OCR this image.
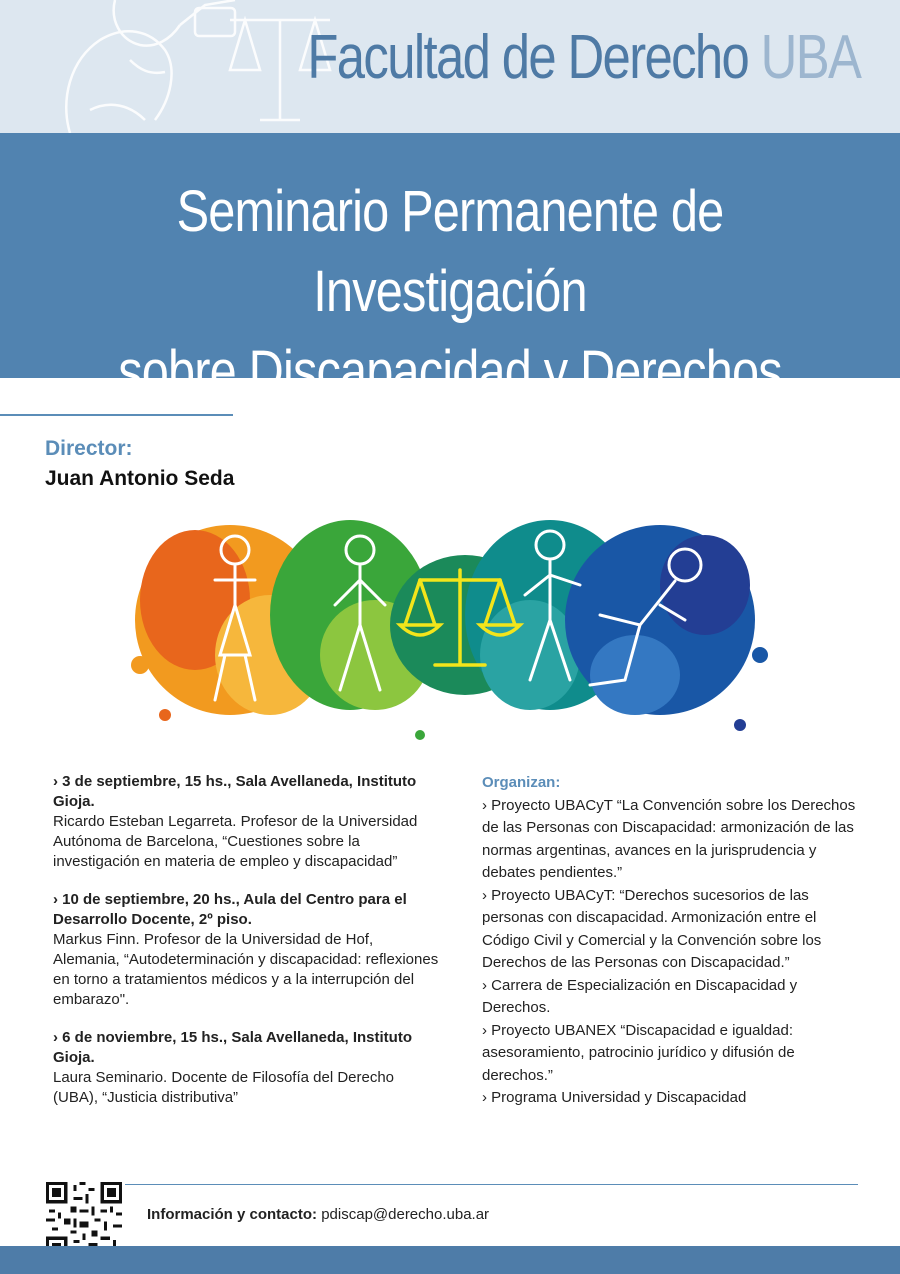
Facultad de Derecho UBA
Seminario Permanente de Investigación
sobre Discapacidad y Derechos
Director:
Juan Antonio Seda
› 3 de septiembre, 15 hs., Sala Avellaneda, Instituto Gioja.
Ricardo Esteban Legarreta. Profesor de la Universidad Autónoma de Barcelona, “Cuestiones sobre la investigación en materia de empleo y discapacidad”
› 10 de septiembre, 20 hs., Aula del Centro para el Desarrollo Docente, 2º piso.
Markus Finn. Profesor de la Universidad de Hof, Alemania, “Autodeterminación y discapacidad: reflexiones en torno a tratamientos médicos y a la interrupción del embarazo".
› 6 de noviembre, 15 hs., Sala Avellaneda, Instituto Gioja.
Laura Seminario. Docente de Filosofía del Derecho (UBA), “Justicia distributiva”
Organizan:
› Proyecto UBACyT “La Convención sobre los Derechos de las Personas con Discapacidad: armonización de las normas argentinas, avances en la jurisprudencia y debates pendientes.”
› Proyecto UBACyT: “Derechos sucesorios de las personas con discapacidad. Armonización entre el Código Civil y Comercial y la Convención sobre los Derechos de las Personas con Discapacidad.”
› Carrera de Especialización en Discapacidad y Derechos.
› Proyecto UBANEX “Discapacidad e igualdad: asesoramiento, patrocinio jurídico y difusión de derechos.”
› Programa Universidad y Discapacidad
Información y contacto: pdiscap@derecho.uba.ar
